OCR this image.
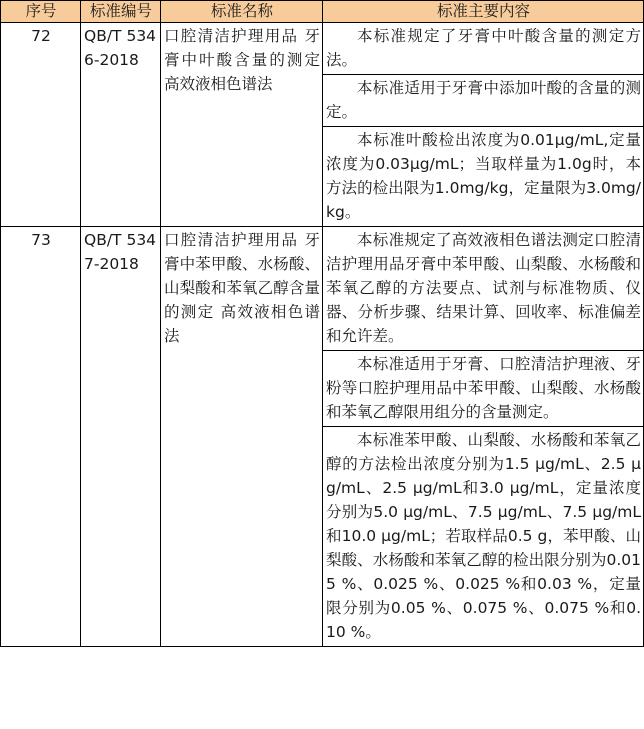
序号	标准编号	标准名称	标准主要内容
72	QB/T 5346-2018	口腔清洁护理用品 牙膏中叶酸含量的测定 高效液相色谱法	本标准规定了牙膏中叶酸含量的测定方法。
			本标准适用于牙膏中添加叶酸的含量的测定。
			本标准叶酸检出浓度为0.01μg/mL,定量浓度为0.03μg/mL；当取样量为1.0g时，本方法的检出限为1.0mg/kg，定量限为3.0mg/kg。
73	QB/T 5347-2018	口腔清洁护理用品 牙膏中苯甲酸、水杨酸、山梨酸和苯氧乙醇含量的测定 高效液相色谱法	本标准规定了高效液相色谱法测定口腔清洁护理用品牙膏中苯甲酸、山梨酸、水杨酸和苯氧乙醇的方法要点、试剂与标准物质、仪器、分析步骤、结果计算、回收率、标准偏差和允许差。
			本标准适用于牙膏、口腔清洁护理液、牙粉等口腔护理用品中苯甲酸、山梨酸、水杨酸和苯氧乙醇限用组分的含量测定。
			本标准苯甲酸、山梨酸、水杨酸和苯氧乙醇的方法检出浓度分别为1.5 μg/mL、2.5 μg/mL、2.5 μg/mL和3.0 μg/mL，定量浓度分别为5.0 μg/mL、7.5 μg/mL、7.5 μg/mL和10.0 μg/mL；若取样品0.5 g，苯甲酸、山梨酸、水杨酸和苯氧乙醇的检出限分别为0.015 %、0.025 %、0.025 %和0.03 %，定量限分别为0.05 %、0.075 %、0.075 %和0.10 %。
